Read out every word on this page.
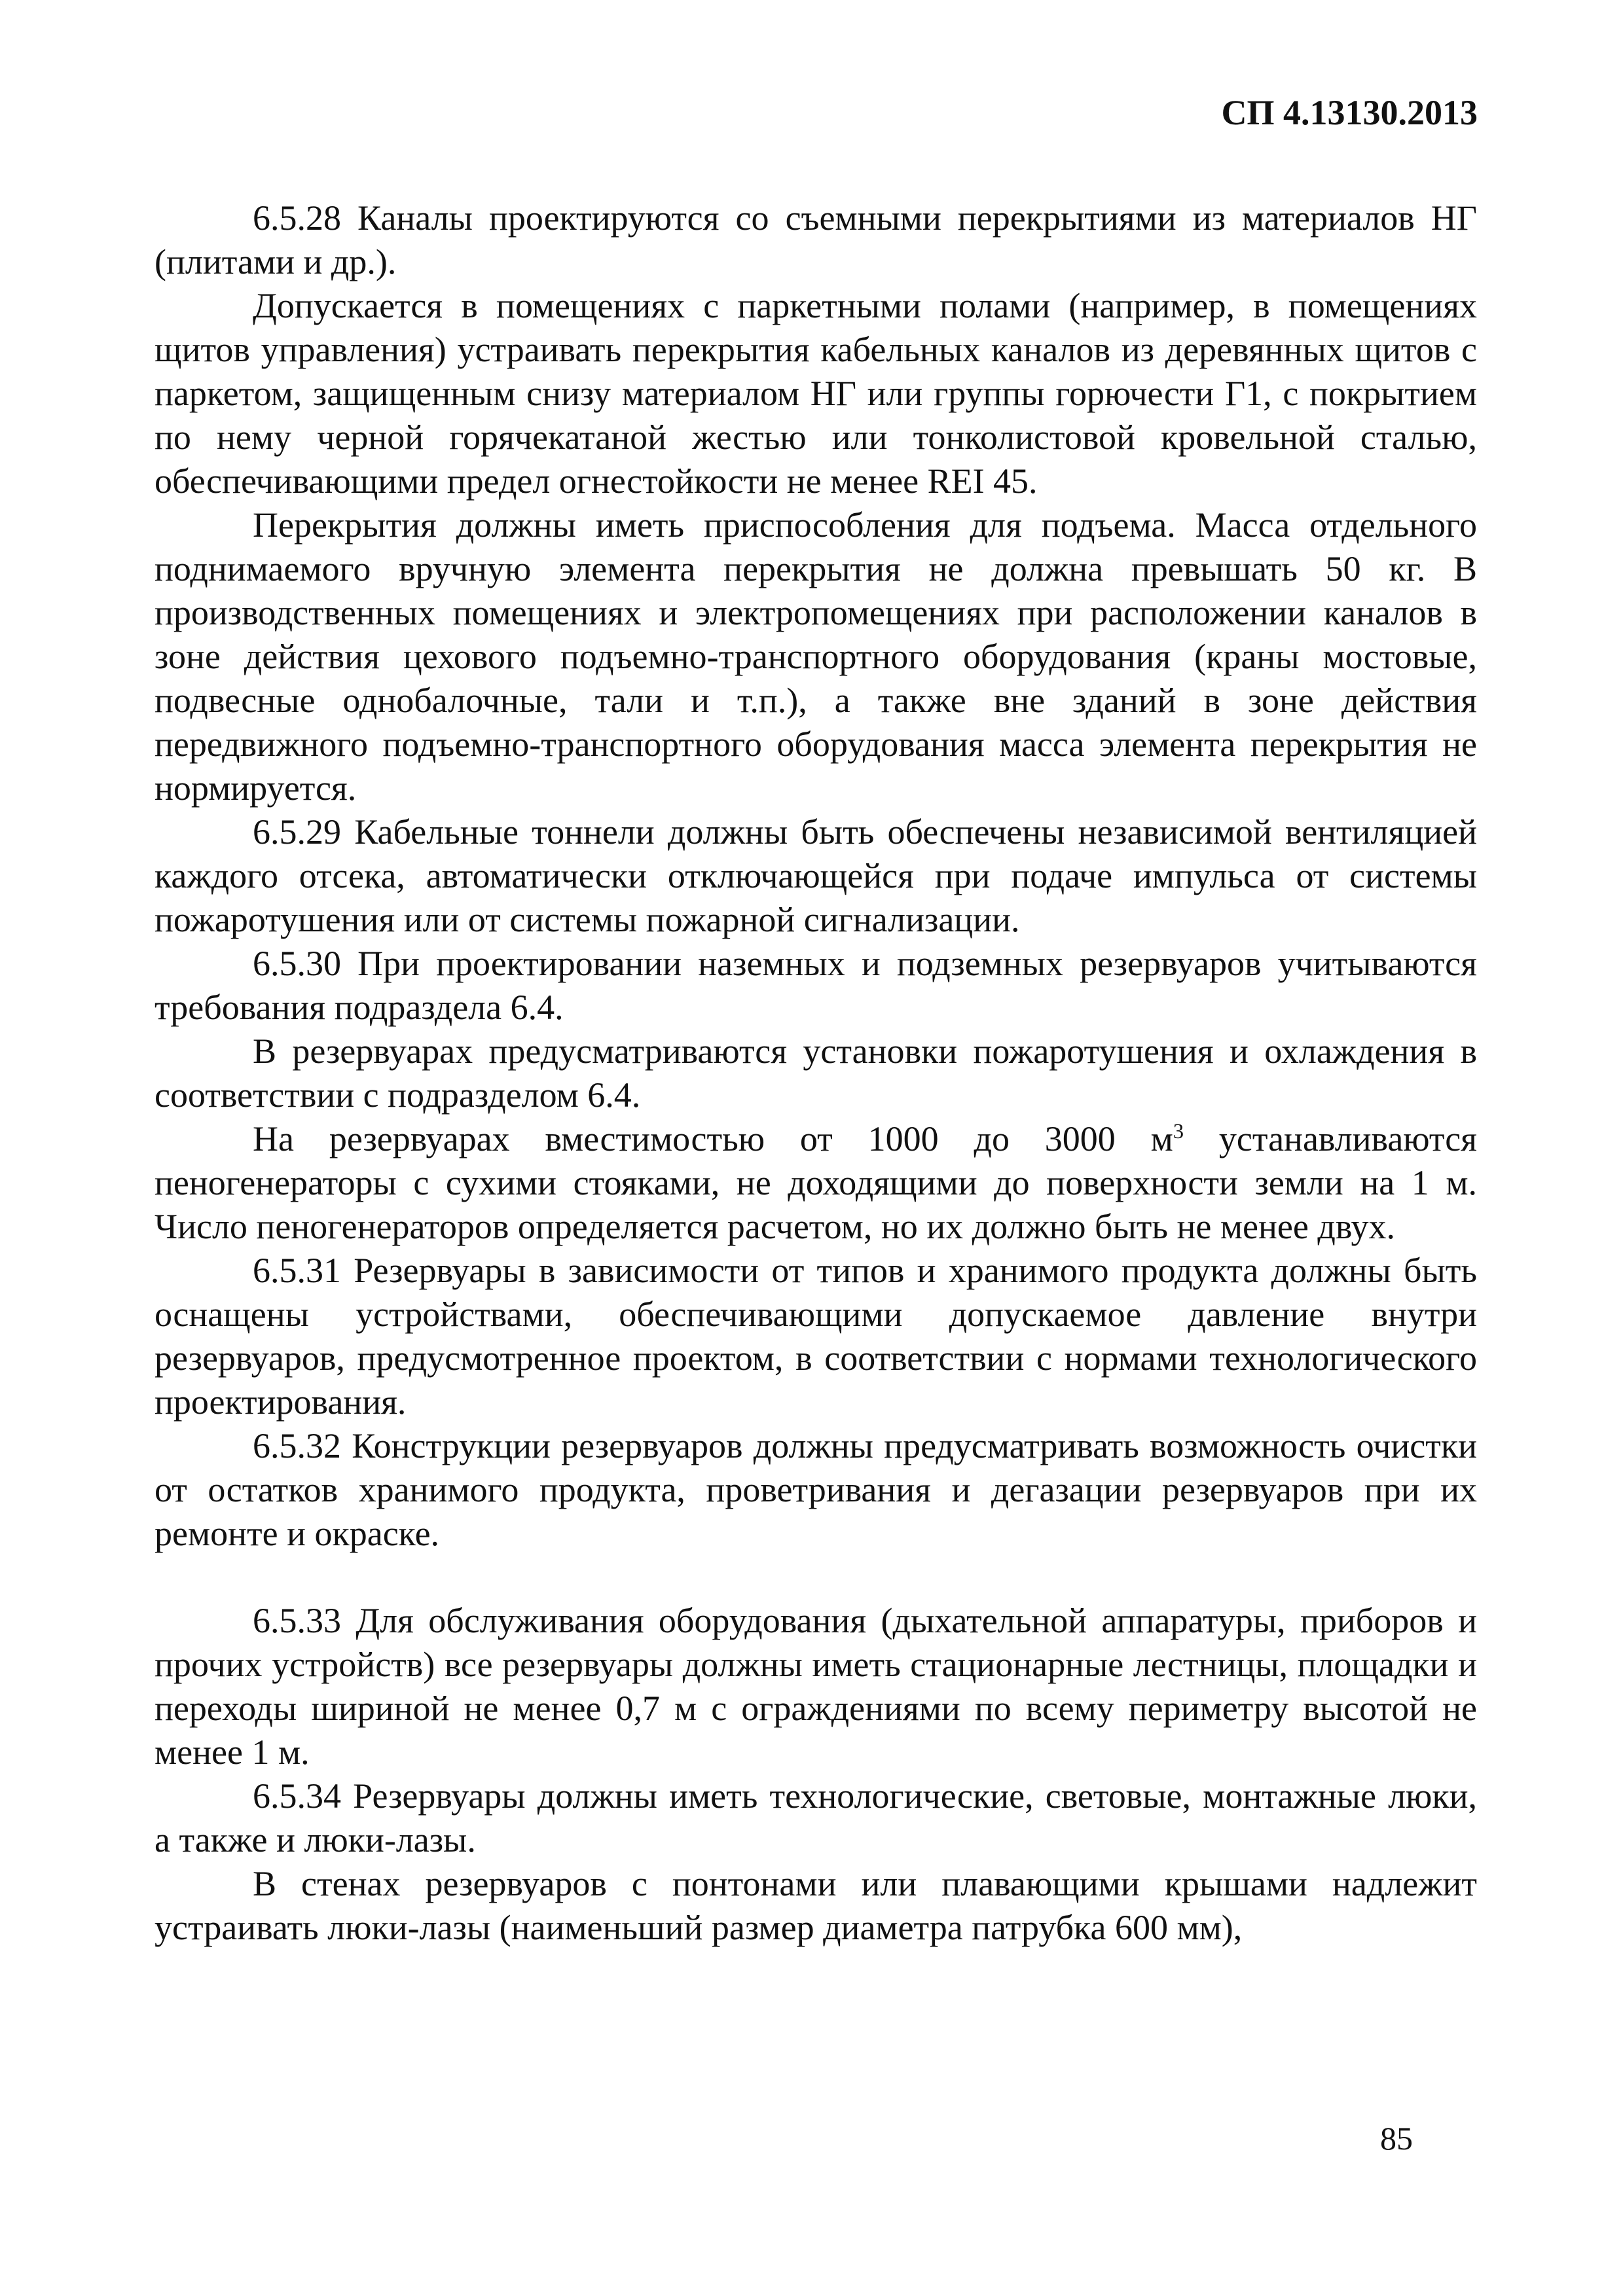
СП 4.13130.2013

6.5.28 Каналы проектируются со съемными перекрытиями из материалов НГ (плитами и др.).

Допускается в помещениях с паркетными полами (например, в помещениях щитов управления) устраивать перекрытия кабельных каналов из деревянных щитов с паркетом, защищенным снизу материалом НГ или группы горючести Г1, с покрытием по нему черной горячекатаной жестью или тонколистовой кровельной сталью, обеспечивающими предел огнестойкости не менее REI 45.

Перекрытия должны иметь приспособления для подъема. Масса отдельного поднимаемого вручную элемента перекрытия не должна превышать 50 кг. В производственных помещениях и электропомещениях при расположении каналов в зоне действия цехового подъемно-транспортного оборудования (краны мостовые, подвесные однобалочные, тали и т.п.), а также вне зданий в зоне действия передвижного подъемно-транспортного оборудования масса элемента перекрытия не нормируется.

6.5.29 Кабельные тоннели должны быть обеспечены независимой вентиляцией каждого отсека, автоматически отключающейся при подаче импульса от системы пожаротушения или от системы пожарной сигнализации.

6.5.30 При проектировании наземных и подземных резервуаров учитываются требования подраздела 6.4.

В резервуарах предусматриваются установки пожаротушения и охлаждения в соответствии с подразделом 6.4.

На резервуарах вместимостью от 1000 до 3000 $м^3$ устанавливаются пеногенераторы с сухими стояками, не доходящими до поверхности земли на 1 м. Число пеногенераторов определяется расчетом, но их должно быть не менее двух.

6.5.31 Резервуары в зависимости от типов и хранимого продукта должны быть оснащены устройствами, обеспечивающими допускаемое давление внутри резервуаров, предусмотренное проектом, в соответствии с нормами технологического проектирования.

6.5.32 Конструкции резервуаров должны предусматривать возможность очистки от остатков хранимого продукта, проветривания и дегазации резервуаров при их ремонте и окраске.

6.5.33 Для обслуживания оборудования (дыхательной аппаратуры, приборов и прочих устройств) все резервуары должны иметь стационарные лестницы, площадки и переходы шириной не менее 0,7 м с ограждениями по всему периметру высотой не менее 1 м.

6.5.34 Резервуары должны иметь технологические, световые, монтажные люки, а также и люки-лазы.

В стенах резервуаров с понтонами или плавающими крышами надлежит устраивать люки-лазы (наименьший размер диаметра патрубка 600 мм),

85
